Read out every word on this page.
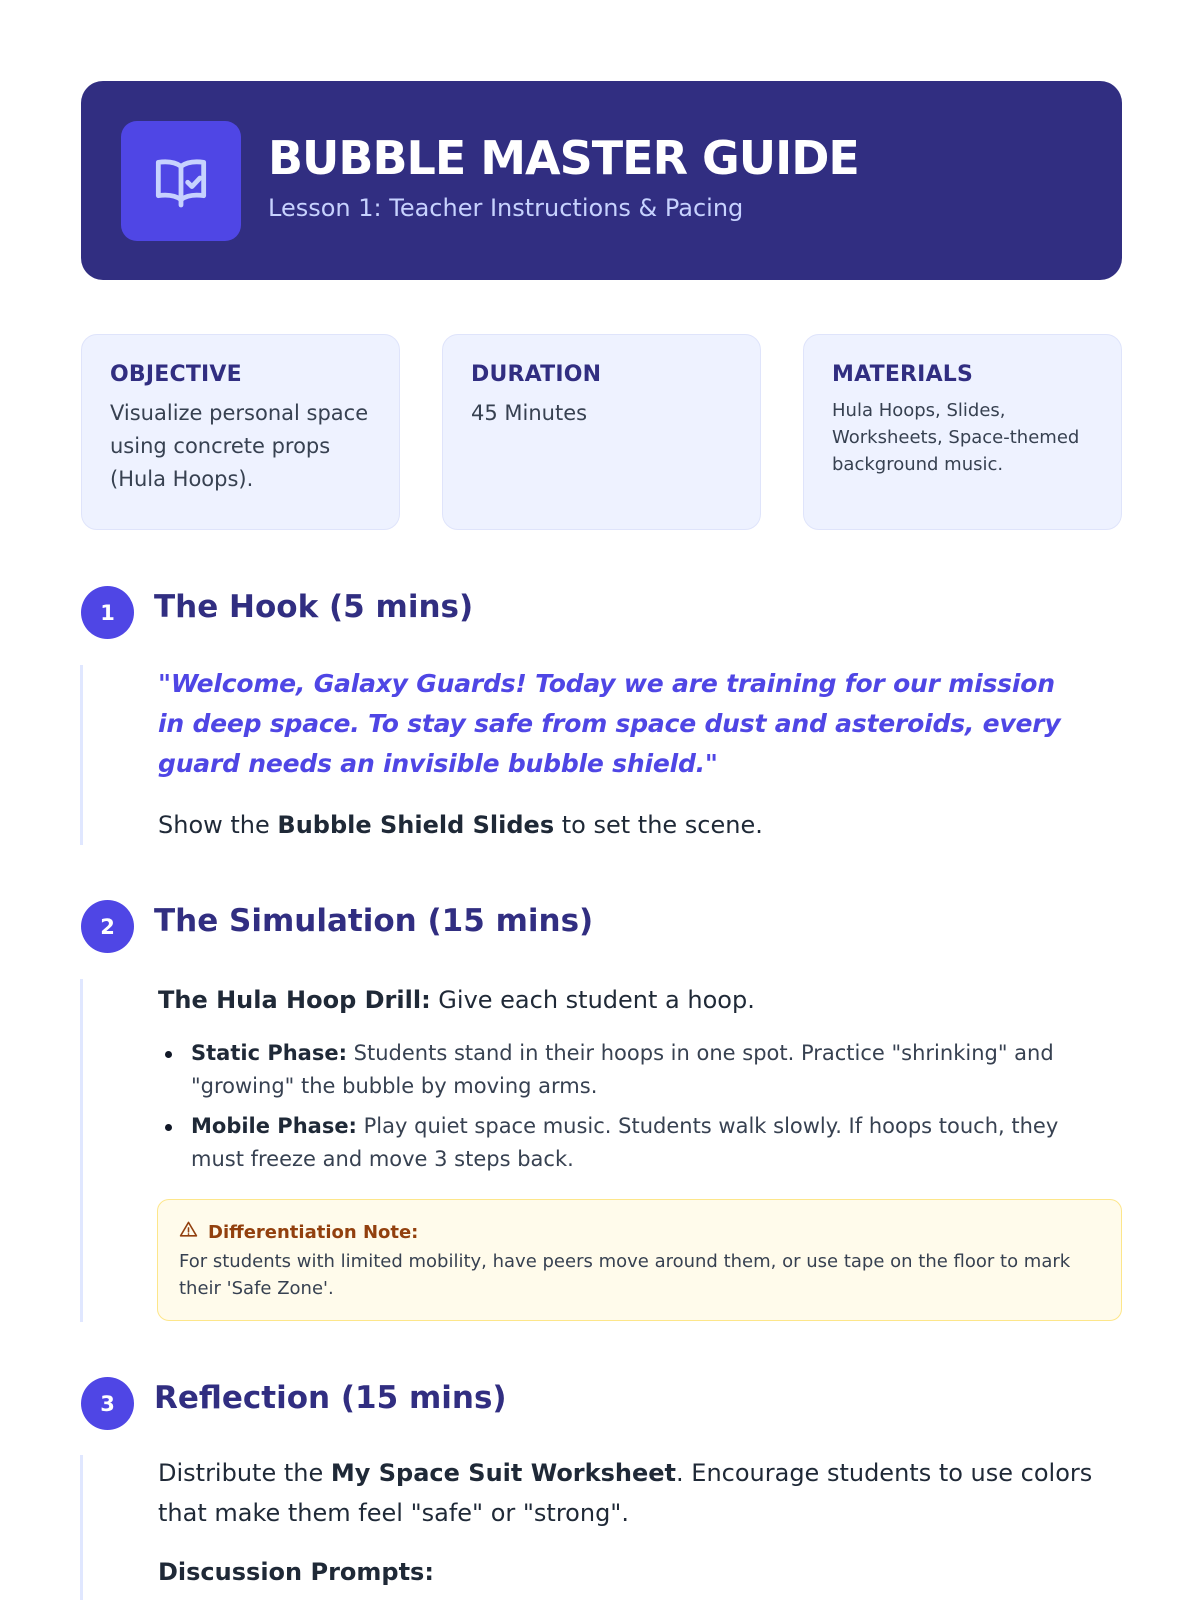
BUBBLE MASTER GUIDE
Lesson 1: Teacher Instructions & Pacing
OBJECTIVE
Visualize personal space using concrete props (Hula Hoops).
DURATION
45 Minutes
MATERIALS
Hula Hoops, Slides, Worksheets, Space-themed background music.
1	The Hook (5 mins)
"Welcome, Galaxy Guards! Today we are training for our mission in deep space. To stay safe from space dust and asteroids, every guard needs an invisible bubble shield."
Show the Bubble Shield Slides to set the scene.
2	The Simulation (15 mins)
The Hula Hoop Drill: Give each student a hoop.
Static Phase: Students stand in their hoops in one spot. Practice "shrinking" and "growing" the bubble by moving arms.
Mobile Phase: Play quiet space music. Students walk slowly. If hoops touch, they must freeze and move 3 steps back.
Differentiation Note:
For students with limited mobility, have peers move around them, or use tape on the floor to mark their 'Safe Zone'.
3	Reflection (15 mins)
Distribute the My Space Suit Worksheet. Encourage students to use colors that make them feel "safe" or "strong".
Discussion Prompts:
